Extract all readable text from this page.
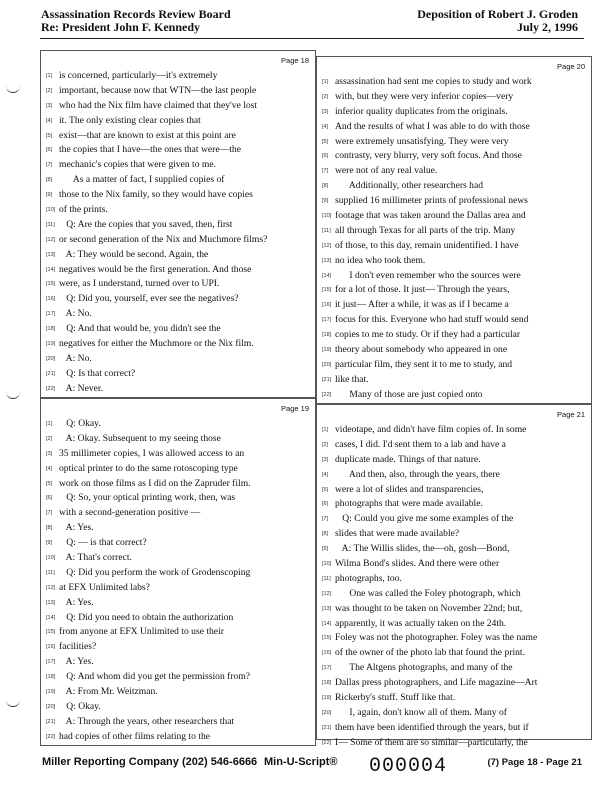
Assassination Records Review Board
Re: President John F. Kennedy
Deposition of Robert J. Groden
July 2, 1996
Page 18
[1] is concerned, particularly—it's extremely
[2] important, because now that WTN—the last people
[3] who had the Nix film have claimed that they've lost
[4] it. The only existing clear copies that
[5] exist—that are known to exist at this point are
[6] the copies that I have—the ones that were—the
[7] mechanic's copies that were given to me.
[8]      As a matter of fact, I supplied copies of
[9] those to the Nix family, so they would have copies
[10] of the prints.
[11]   Q: Are the copies that you saved, then, first
[12] or second generation of the Nix and Muchmore films?
[13]   A: They would be second. Again, the
[14] negatives would be the first generation. And those
[15] were, as I understand, turned over to UPI.
[16]   Q: Did you, yourself, ever see the negatives?
[17]   A: No.
[18]   Q: And that would be, you didn't see the
[19] negatives for either the Muchmore or the Nix film.
[20]   A: No.
[21]   Q: Is that correct?
[22]   A: Never.
Page 20
[1] assassination had sent me copies to study and work
[2] with, but they were very inferior copies—very
[3] inferior quality duplicates from the originals.
[4] And the results of what I was able to do with those
[5] were extremely unsatisfying. They were very
[6] contrasty, very blurry, very soft focus. And those
[7] were not of any real value.
[8]      Additionally, other researchers had
[9] supplied 16 millimeter prints of professional news
[10] footage that was taken around the Dallas area and
[11] all through Texas for all parts of the trip. Many
[12] of those, to this day, remain unidentified. I have
[13] no idea who took them.
[14]      I don't even remember who the sources were
[15] for a lot of those. It just— Through the years,
[16] it just— After a while, it was as if I became a
[17] focus for this. Everyone who had stuff would send
[18] copies to me to study. Or if they had a particular
[19] theory about somebody who appeared in one
[20] particular film, they sent it to me to study, and
[21] like that.
[22]      Many of those are just copied onto
Page 19
[1]   Q: Okay.
[2]   A: Okay. Subsequent to my seeing those
[3] 35 millimeter copies, I was allowed access to an
[4] optical printer to do the same rotoscoping type
[5] work on those films as I did on the Zapruder film.
[6]   Q: So, your optical printing work, then, was
[7] with a second-generation positive —
[8]   A: Yes.
[9]   Q: — is that correct?
[10]   A: That's correct.
[11]   Q: Did you perform the work of Grodenscoping
[12] at EFX Unlimited labs?
[13]   A: Yes.
[14]   Q: Did you need to obtain the authorization
[15] from anyone at EFX Unlimited to use their
[16] facilities?
[17]   A: Yes.
[18]   Q: And whom did you get the permission from?
[19]   A: From Mr. Weitzman.
[20]   Q: Okay.
[21]   A: Through the years, other researchers that
[22] had copies of other films relating to the
Page 21
[1] videotape, and didn't have film copies of. In some
[2] cases, I did. I'd sent them to a lab and have a
[3] duplicate made. Things of that nature.
[4]      And then, also, through the years, there
[5] were a lot of slides and transparencies,
[6] photographs that were made available.
[7]   Q: Could you give me some examples of the
[8] slides that were made available?
[9]   A: The Willis slides, the—oh, gosh—Bond,
[10] Wilma Bond's slides. And there were other
[11] photographs, too.
[12]      One was called the Foley photograph, which
[13] was thought to be taken on November 22nd; but,
[14] apparently, it was actually taken on the 24th.
[15] Foley was not the photographer. Foley was the name
[16] of the owner of the photo lab that found the print.
[17]      The Altgens photographs, and many of the
[18] Dallas press photographers, and Life magazine—Art
[19] Rickerby's stuff. Stuff like that.
[20]      I, again, don't know all of them. Many of
[21] them have been identified through the years, but if
[22] I— Some of them are so similar—particularly, the
Miller Reporting Company (202) 546-6666 Min-U-Script® 000004	(7) Page 18 - Page 21
